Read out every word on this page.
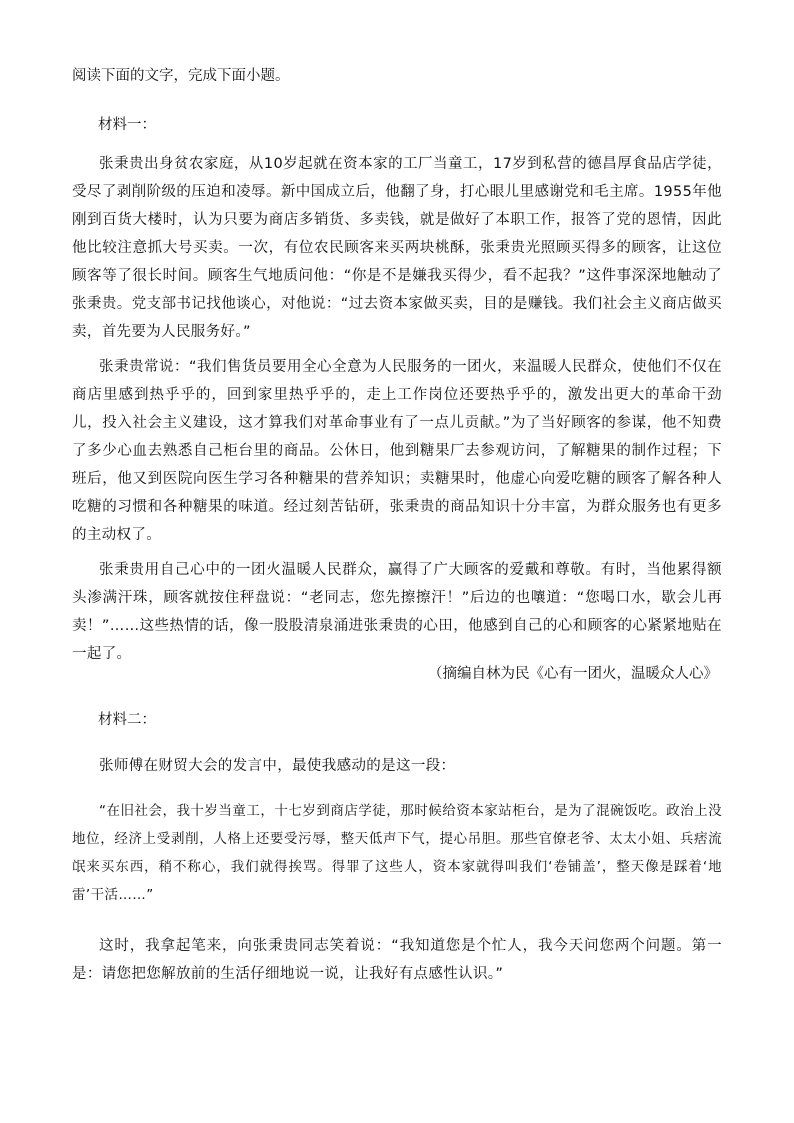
阅读下面的文字，完成下面小题。

材料一：

张秉贵出身贫农家庭，从10岁起就在资本家的工厂当童工，17岁到私营的德昌厚食品店学徒，受尽了剥削阶级的压迫和凌辱。新中国成立后，他翻了身，打心眼儿里感谢党和毛主席。1955年他刚到百货大楼时，认为只要为商店多销货、多卖钱，就是做好了本职工作，报答了党的恩情，因此他比较注意抓大号买卖。一次，有位农民顾客来买两块桃酥，张秉贵光照顾买得多的顾客，让这位顾客等了很长时间。顾客生气地质问他：“你是不是嫌我买得少，看不起我？”这件事深深地触动了张秉贵。党支部书记找他谈心，对他说：“过去资本家做买卖，目的是赚钱。我们社会主义商店做买卖，首先要为人民服务好。”

张秉贵常说：“我们售货员要用全心全意为人民服务的一团火，来温暖人民群众，使他们不仅在商店里感到热乎乎的，回到家里热乎乎的，走上工作岗位还要热乎乎的，激发出更大的革命干劲儿，投入社会主义建设，这才算我们对革命事业有了一点儿贡献。”为了当好顾客的参谋，他不知费了多少心血去熟悉自己柜台里的商品。公休日，他到糖果厂去参观访问，了解糖果的制作过程；下班后，他又到医院向医生学习各种糖果的营养知识；卖糖果时，他虚心向爱吃糖的顾客了解各种人吃糖的习惯和各种糖果的味道。经过刻苦钻研，张秉贵的商品知识十分丰富，为群众服务也有更多的主动权了。

张秉贵用自己心中的一团火温暖人民群众，赢得了广大顾客的爱戴和尊敬。有时，当他累得额头渗满汗珠，顾客就按住秤盘说：“老同志，您先擦擦汗！”后边的也嚷道：“您喝口水，歇会儿再卖！”……这些热情的话，像一股股清泉涌进张秉贵的心田，他感到自己的心和顾客的心紧紧地贴在一起了。

（摘编自林为民《心有一团火，温暖众人心》

材料二：

张师傅在财贸大会的发言中，最使我感动的是这一段：

“在旧社会，我十岁当童工，十七岁到商店学徒，那时候给资本家站柜台，是为了混碗饭吃。政治上没地位，经济上受剥削，人格上还要受污辱，整天低声下气，提心吊胆。那些官僚老爷、太太小姐、兵痞流氓来买东西，稍不称心，我们就得挨骂。得罪了这些人，资本家就得叫我们‘卷铺盖’，整天像是踩着‘地雷’干活……”

这时，我拿起笔来，向张秉贵同志笑着说：“我知道您是个忙人，我今天问您两个问题。第一是：请您把您解放前的生活仔细地说一说，让我好有点感性认识。”
